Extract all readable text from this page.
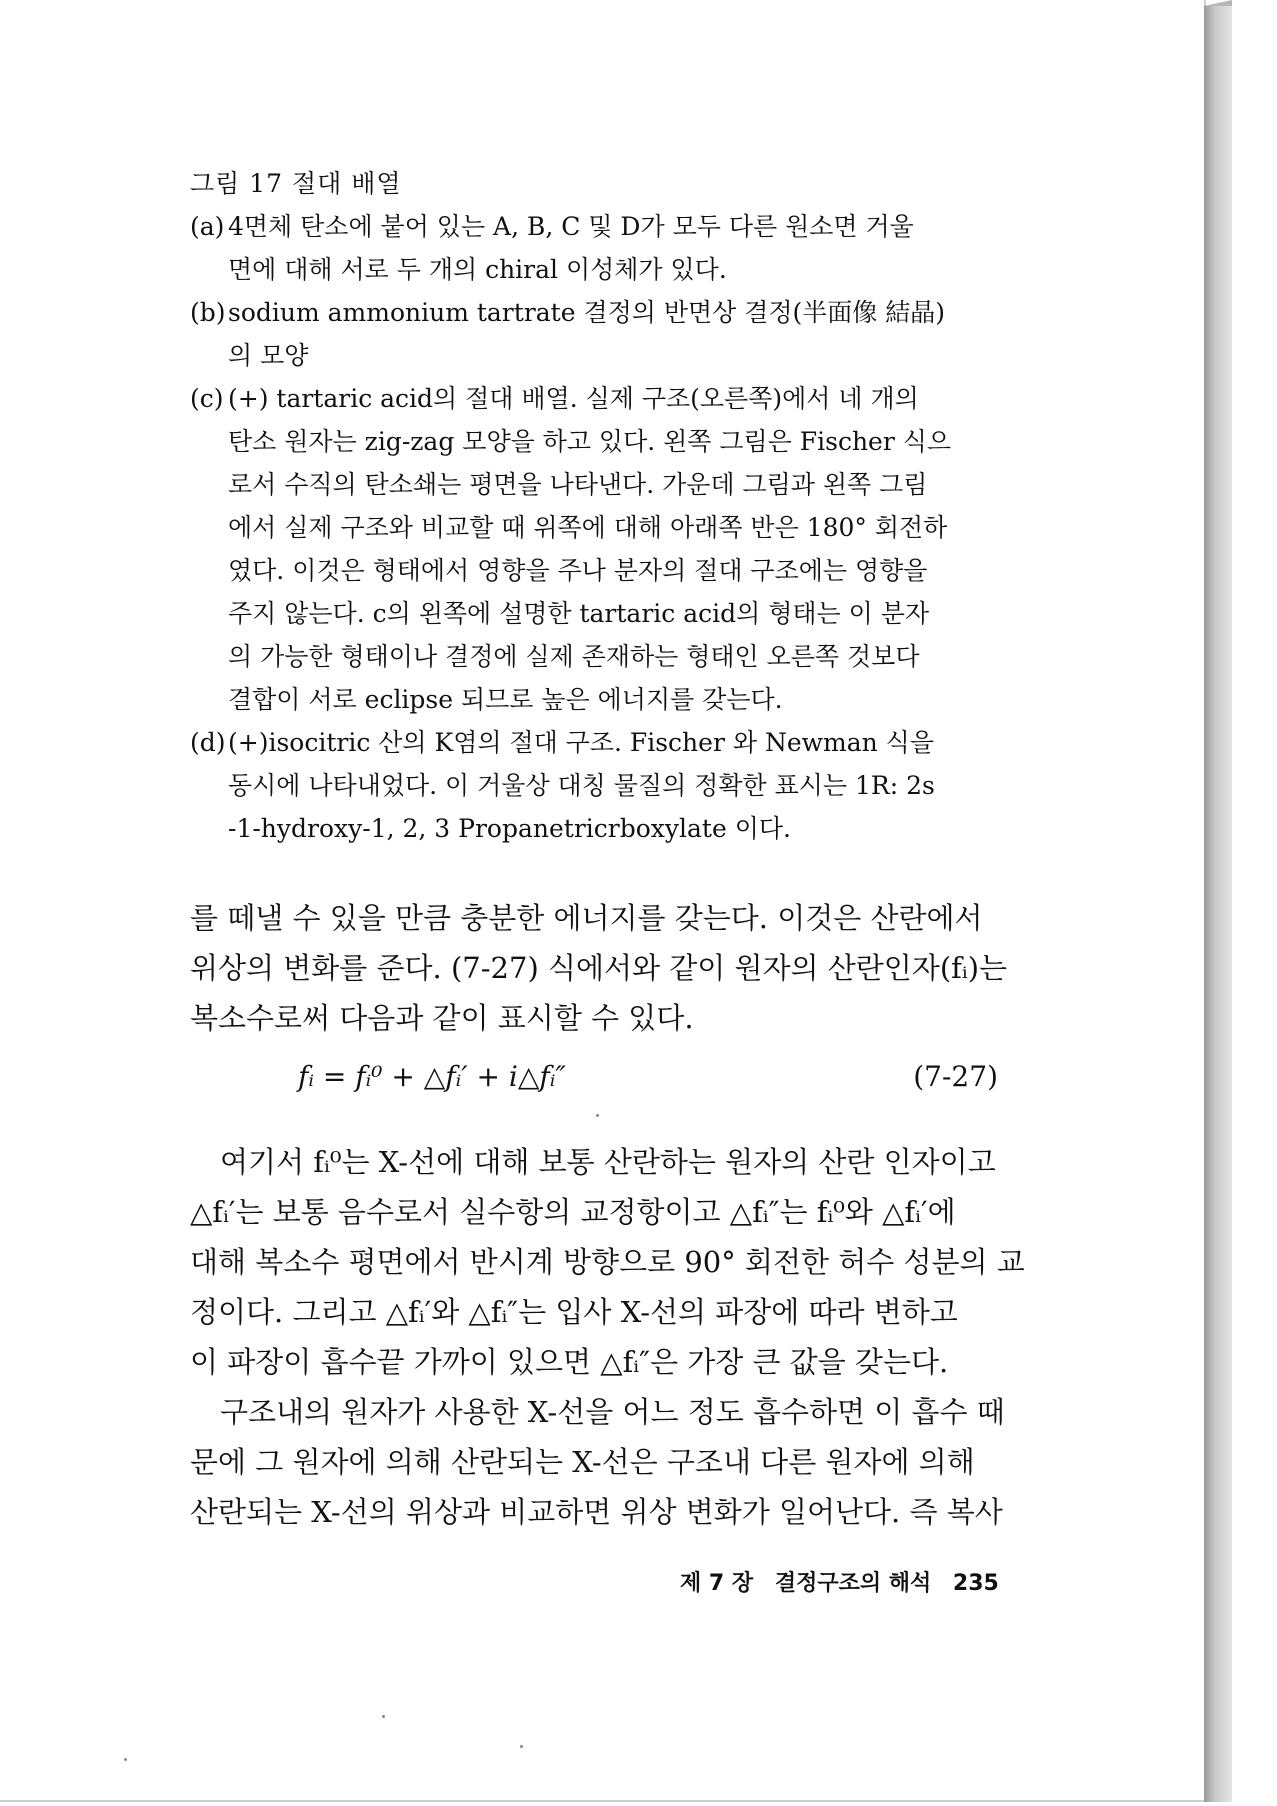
그림 17 절대 배열

(a) 4면체 탄소에 붙어 있는 A, B, C 및 D가 모두 다른 원소면 거울
면에 대해 서로 두 개의 chiral 이성체가 있다.
(b) sodium ammonium tartrate 결정의 반면상 결정(半面像 結晶)
의 모양
(c) (+) tartaric acid의 절대 배열. 실제 구조(오른쪽)에서 네 개의
탄소 원자는 zig-zag 모양을 하고 있다. 왼쪽 그림은 Fischer 식으
로서 수직의 탄소쇄는 평면을 나타낸다. 가운데 그림과 왼쪽 그림
에서 실제 구조와 비교할 때 위쪽에 대해 아래쪽 반은 180° 회전하
였다. 이것은 형태에서 영향을 주나 분자의 절대 구조에는 영향을
주지 않는다. c의 왼쪽에 설명한 tartaric acid의 형태는 이 분자
의 가능한 형태이나 결정에 실제 존재하는 형태인 오른쪽 것보다
결합이 서로 eclipse 되므로 높은 에너지를 갖는다.
(d) (+)isocitric 산의 K염의 절대 구조. Fischer 와 Newman 식을
동시에 나타내었다. 이 거울상 대칭 물질의 정확한 표시는 1R: 2s
-1-hydroxy-1, 2, 3 Propanetricrboxylate 이다.
를 떼낼 수 있을 만큼 충분한 에너지를 갖는다. 이것은 산란에서
위상의 변화를 준다. (7-27) 식에서와 같이 원자의 산란인자(fᵢ)는
복소수로써 다음과 같이 표시할 수 있다.
fᵢ = fᵢ⁰ + △fᵢ′ + i△fᵢ″	(7-27)
여기서 fᵢ⁰는 X-선에 대해 보통 산란하는 원자의 산란 인자이고
△fᵢ′는 보통 음수로서 실수항의 교정항이고 △fᵢ″는 fᵢ⁰와 △fᵢ′에
대해 복소수 평면에서 반시계 방향으로 90° 회전한 허수 성분의 교
정이다. 그리고 △fᵢ′와 △fᵢ″는 입사 X-선의 파장에 따라 변하고
이 파장이 흡수끝 가까이 있으면 △fᵢ″은 가장 큰 값을 갖는다.
구조내의 원자가 사용한 X-선을 어느 정도 흡수하면 이 흡수 때
문에 그 원자에 의해 산란되는 X-선은 구조내 다른 원자에 의해
산란되는 X-선의 위상과 비교하면 위상 변화가 일어난다. 즉 복사
제 7 장 결정구조의 해석 235
